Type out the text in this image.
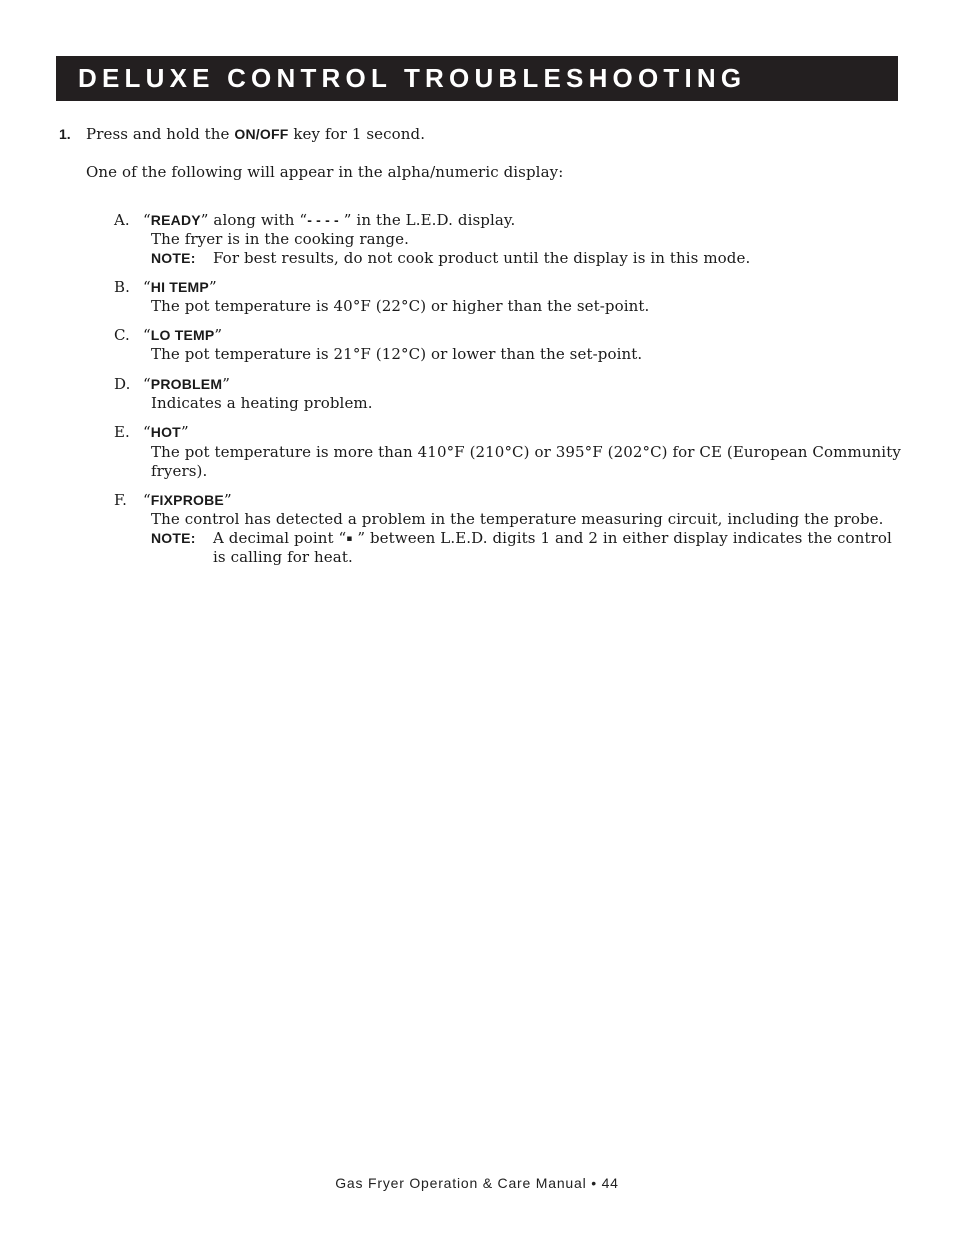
DELUXE CONTROL TROUBLESHOOTING
1. Press and hold the ON/OFF key for 1 second.
One of the following will appear in the alpha/numeric display:
A. “READY” along with “- - - - ” in the L.E.D. display.
The fryer is in the cooking range.
NOTE: For best results, do not cook product until the display is in this mode.
B. “HI TEMP”
The pot temperature is 40°F (22°C) or higher than the set-point.
C. “LO TEMP”
The pot temperature is 21°F (12°C) or lower than the set-point.
D. “PROBLEM”
Indicates a heating problem.
E. “HOT”
The pot temperature is more than 410°F (210°C) or 395°F (202°C) for CE (European Community
fryers).
F. “FIXPROBE”
The control has detected a problem in the temperature measuring circuit, including the probe.
NOTE: A decimal point “▪ ” between L.E.D. digits 1 and 2 in either display indicates the control
is calling for heat.
Gas Fryer Operation & Care Manual • 44
